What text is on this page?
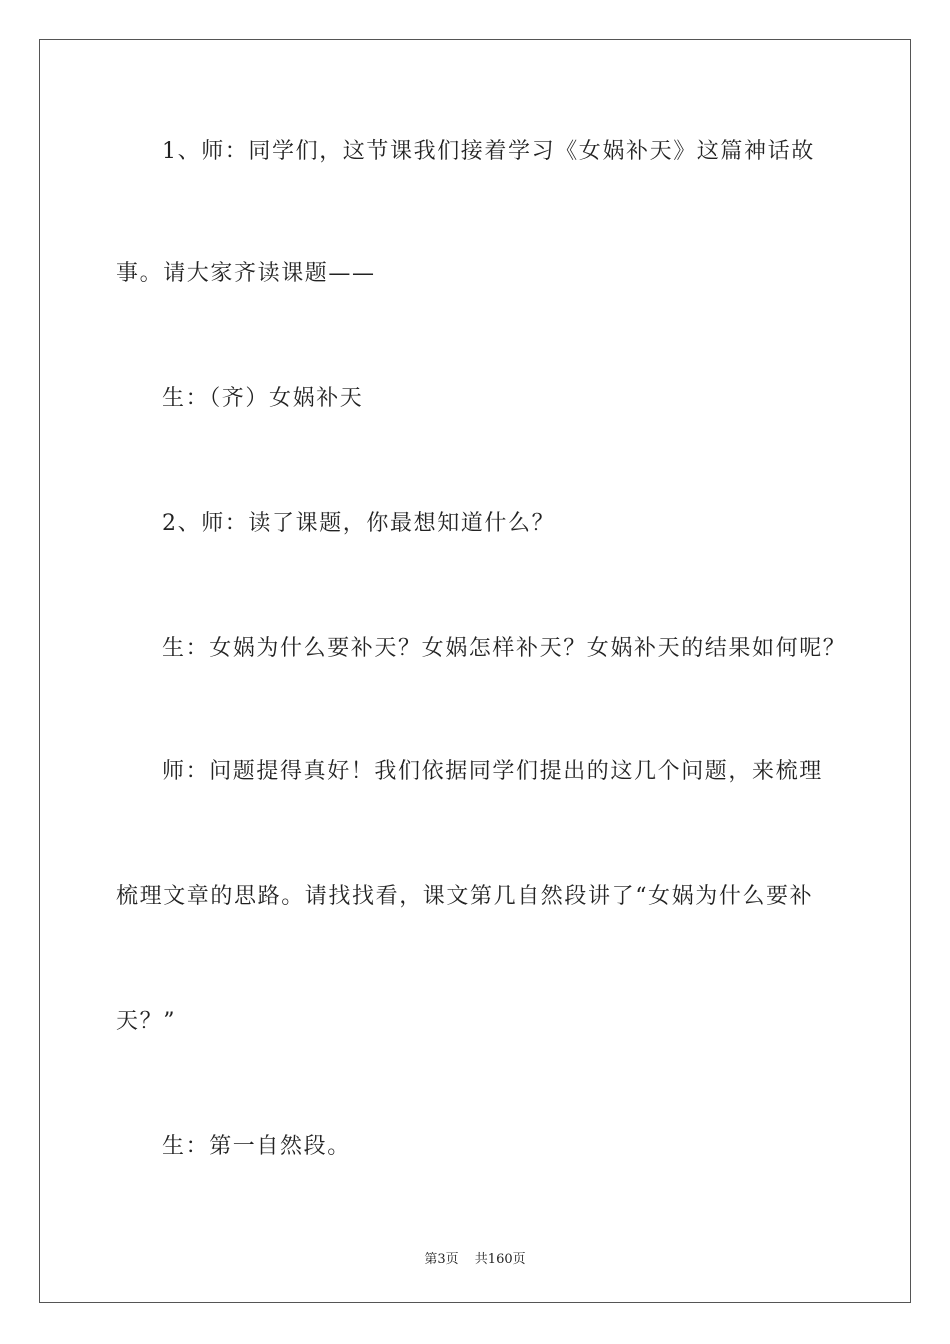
1、师：同学们，这节课我们接着学习《女娲补天》这篇神话故
事。请大家齐读课题——
生：（齐）女娲补天
2、师：读了课题，你最想知道什么？
生：女娲为什么要补天？女娲怎样补天？女娲补天的结果如何呢？
师：问题提得真好！我们依据同学们提出的这几个问题，来梳理
梳理文章的思路。请找找看，课文第几自然段讲了“女娲为什么要补
天？”
生：第一自然段。
第3页 共160页
